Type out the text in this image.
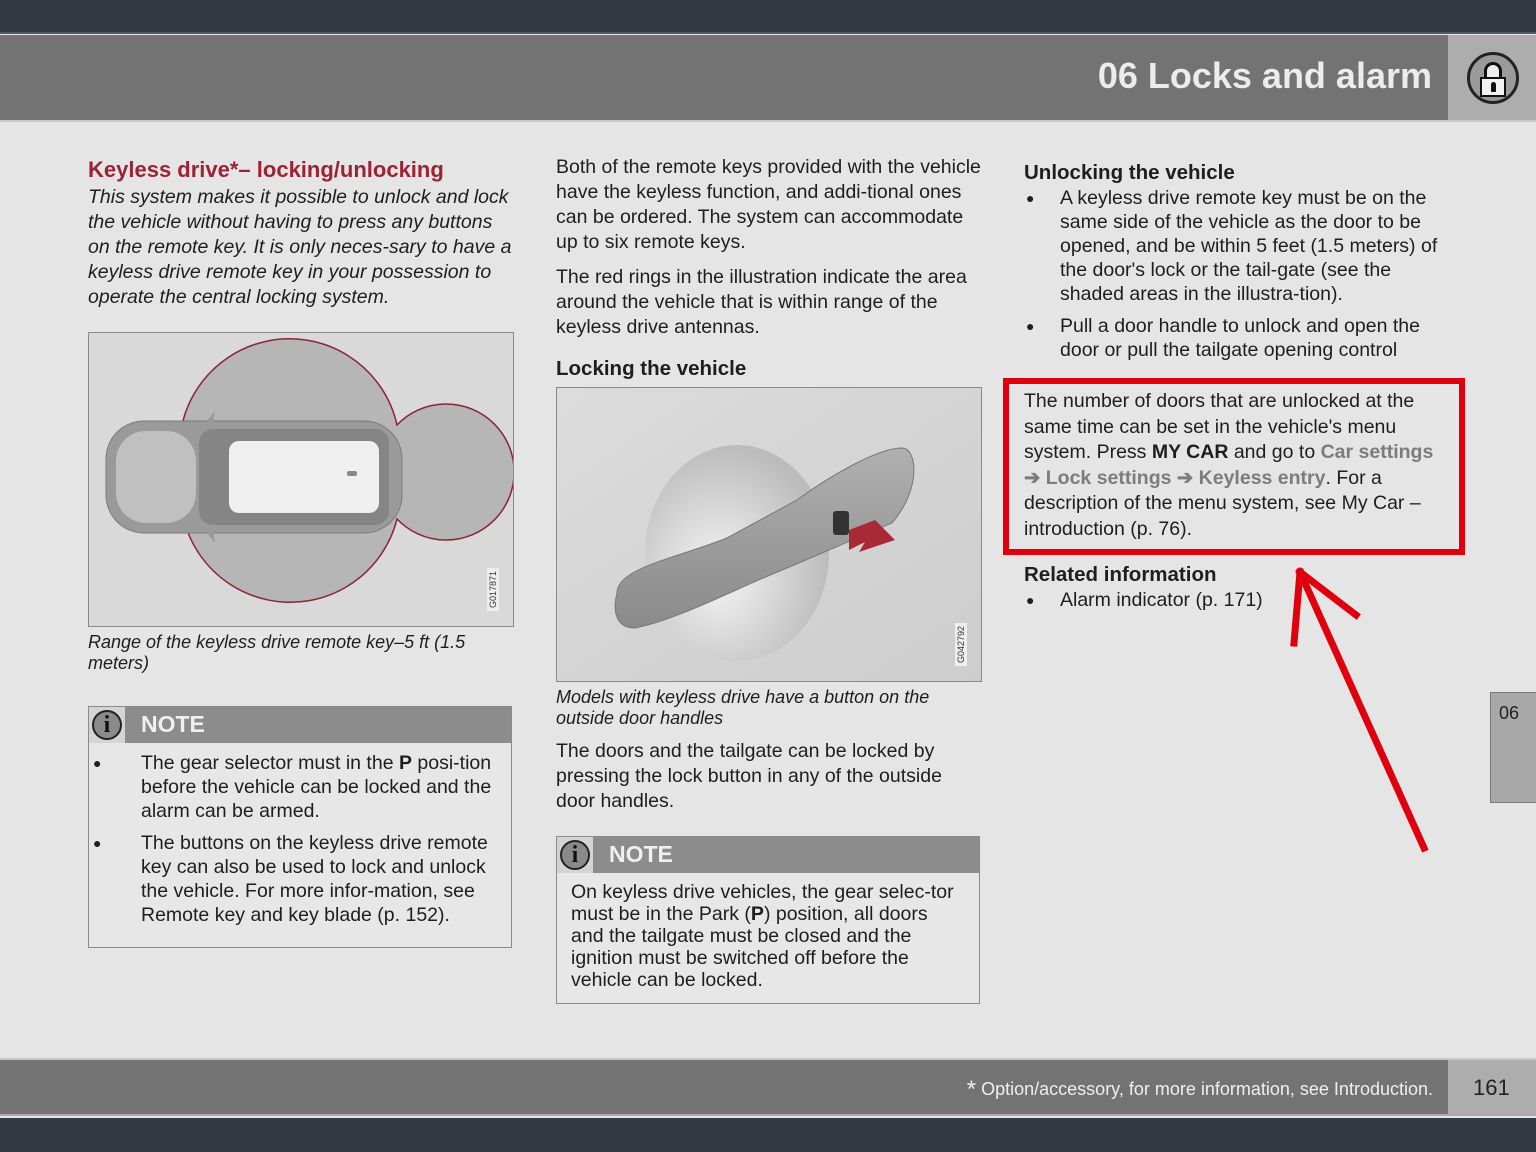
06 Locks and alarm
Keyless drive*– locking/unlocking
This system makes it possible to unlock and lock the vehicle without having to press any buttons on the remote key. It is only neces-sary to have a keyless drive remote key in your possession to operate the central locking system.
G017871
Range of the keyless drive remote key–5 ft (1.5 meters)
i	NOTE
● The gear selector must in the P posi-tion before the vehicle can be locked and the alarm can be armed.
● The buttons on the keyless drive remote key can also be used to lock and unlock the vehicle. For more infor-mation, see Remote key and key blade (p. 152).
Both of the remote keys provided with the vehicle have the keyless function, and addi-tional ones can be ordered. The system can accommodate up to six remote keys.
The red rings in the illustration indicate the area around the vehicle that is within range of the keyless drive antennas.
Locking the vehicle
G042792
Models with keyless drive have a button on the outside door handles
The doors and the tailgate can be locked by pressing the lock button in any of the outside door handles.
i	NOTE
On keyless drive vehicles, the gear selec-tor must be in the Park (P) position, all doors and the tailgate must be closed and the ignition must be switched off before the vehicle can be locked.
Unlocking the vehicle
● A keyless drive remote key must be on the same side of the vehicle as the door to be opened, and be within 5 feet (1.5 meters) of the door's lock or the tail-gate (see the shaded areas in the illustra-tion).
● Pull a door handle to unlock and open the door or pull the tailgate opening control
The number of doors that are unlocked at the same time can be set in the vehicle's menu system. Press MY CAR and go to Car settings ➔ Lock settings ➔ Keyless entry. For a description of the menu system, see My Car – introduction (p. 76).
Related information
● Alarm indicator (p. 171)
06
* Option/accessory, for more information, see Introduction. 161
